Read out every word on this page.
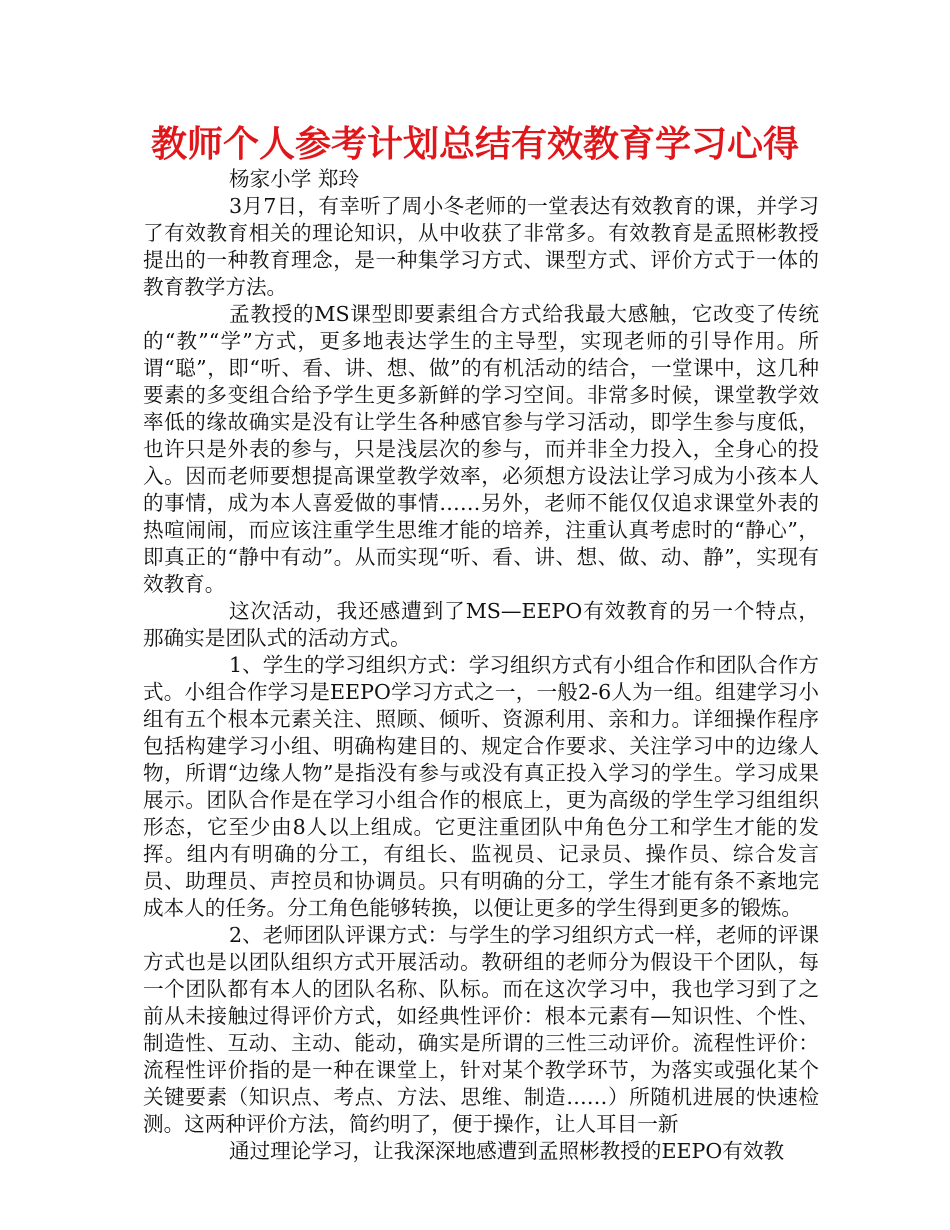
教师个人参考计划总结有效教育学习心得

杨家小学 郑玲

3月7日，有幸听了周小冬老师的一堂表达有效教育的课，并学习了有效教育相关的理论知识，从中收获了非常多。有效教育是孟照彬教授提出的一种教育理念，是一种集学习方式、课型方式、评价方式于一体的教育教学方法。

孟教授的MS课型即要素组合方式给我最大感触，它改变了传统的“教”“学”方式，更多地表达学生的主导型，实现老师的引导作用。所谓“聪”，即“听、看、讲、想、做”的有机活动的结合，一堂课中，这几种要素的多变组合给予学生更多新鲜的学习空间。非常多时候，课堂教学效率低的缘故确实是没有让学生各种感官参与学习活动，即学生参与度低，也许只是外表的参与，只是浅层次的参与，而并非全力投入，全身心的投入。因而老师要想提高课堂教学效率，必须想方设法让学习成为小孩本人的事情，成为本人喜爱做的事情……另外，老师不能仅仅追求课堂外表的热喧闹闹，而应该注重学生思维才能的培养，注重认真考虑时的“静心”，即真正的“静中有动”。从而实现“听、看、讲、想、做、动、静”，实现有效教育。

这次活动，我还感遭到了MS—EEPO有效教育的另一个特点，那确实是团队式的活动方式。

1、学生的学习组织方式：学习组织方式有小组合作和团队合作方式。小组合作学习是EEPO学习方式之一，一般2-6人为一组。组建学习小组有五个根本元素关注、照顾、倾听、资源利用、亲和力。详细操作程序包括构建学习小组、明确构建目的、规定合作要求、关注学习中的边缘人物，所谓“边缘人物”是指没有参与或没有真正投入学习的学生。学习成果展示。团队合作是在学习小组合作的根底上，更为高级的学生学习组组织形态，它至少由8人以上组成。它更注重团队中角色分工和学生才能的发挥。组内有明确的分工，有组长、监视员、记录员、操作员、综合发言员、助理员、声控员和协调员。只有明确的分工，学生才能有条不紊地完成本人的任务。分工角色能够转换，以便让更多的学生得到更多的锻炼。

2、老师团队评课方式：与学生的学习组织方式一样，老师的评课方式也是以团队组织方式开展活动。教研组的老师分为假设干个团队，每一个团队都有本人的团队名称、队标。而在这次学习中，我也学习到了之前从未接触过得评价方式，如经典性评价：根本元素有—知识性、个性、制造性、互动、主动、能动，确实是所谓的三性三动评价。流程性评价：流程性评价指的是一种在课堂上，针对某个教学环节，为落实或强化某个关键要素（知识点、考点、方法、思维、制造……）所随机进展的快速检测。这两种评价方法，简约明了，便于操作，让人耳目一新

通过理论学习，让我深深地感遭到孟照彬教授的EEPO有效教
